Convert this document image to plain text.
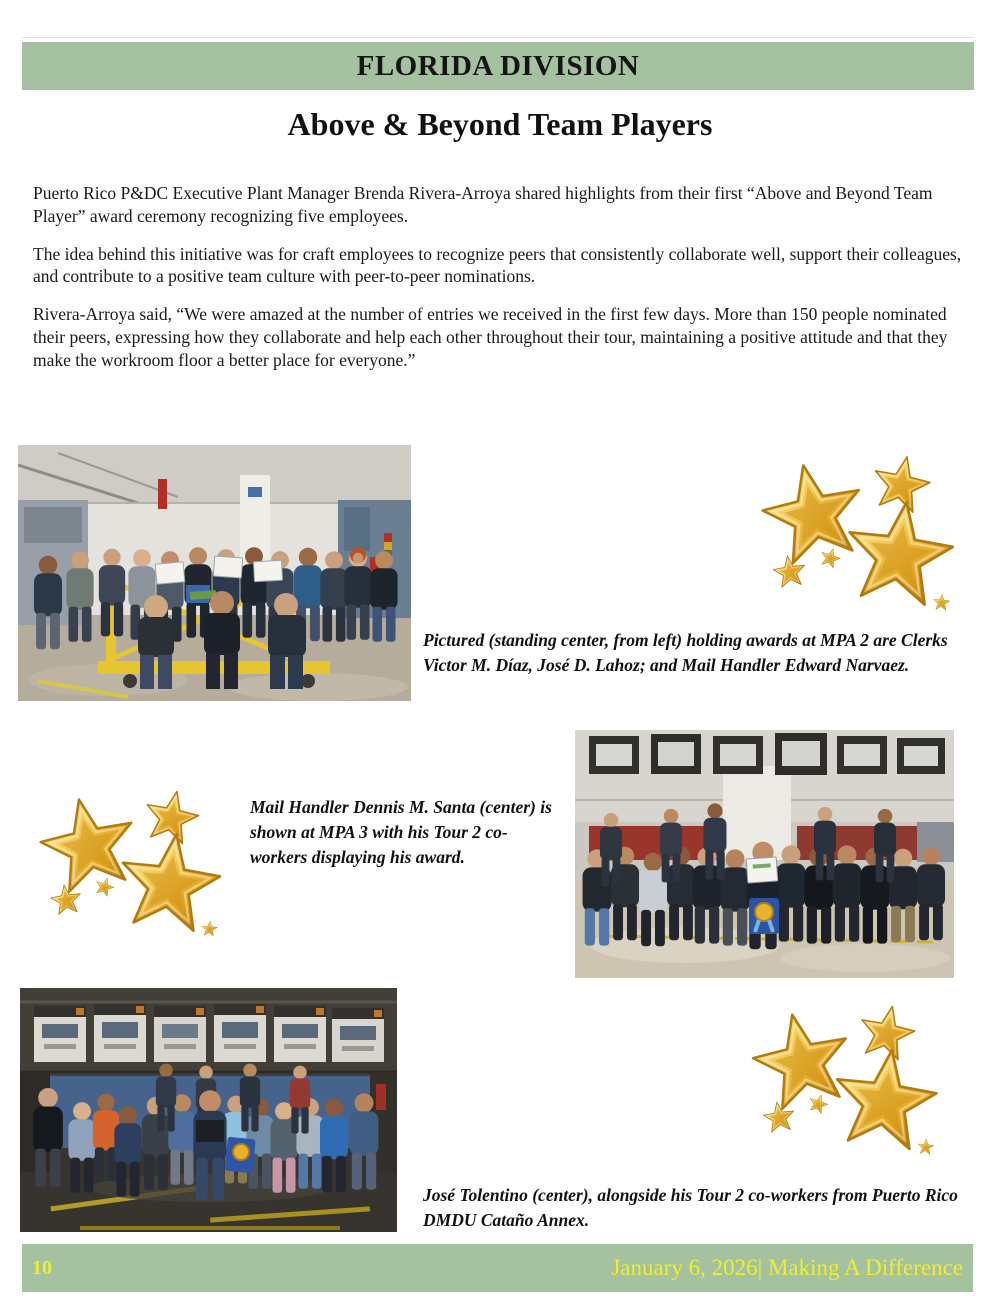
FLORIDA DIVISION
Above & Beyond Team Players

Puerto Rico P&DC Executive Plant Manager Brenda Rivera-Arroya shared highlights from their first “Above and Beyond Team Player” award ceremony recognizing five employees.

The idea behind this initiative was for craft employees to recognize peers that consistently collaborate well, support their colleagues, and contribute to a positive team culture with peer-to-peer nominations.

Rivera-Arroya said, “We were amazed at the number of entries we received in the first few days. More than 150 people nominated their peers, expressing how they collaborate and help each other throughout their tour, maintaining a positive attitude and that they make the workroom floor a better place for everyone.”

Pictured (standing center, from left) holding awards at MPA 2 are Clerks Victor M. Díaz, José D. Lahoz; and Mail Handler Edward Narvaez.
Mail Handler Dennis M. Santa (center) is shown at MPA 3 with his Tour 2 co-workers displaying his award.
José Tolentino (center), alongside his Tour 2 co-workers from Puerto Rico DMDU Cataño Annex.
10	January 6, 2026| Making A Difference
